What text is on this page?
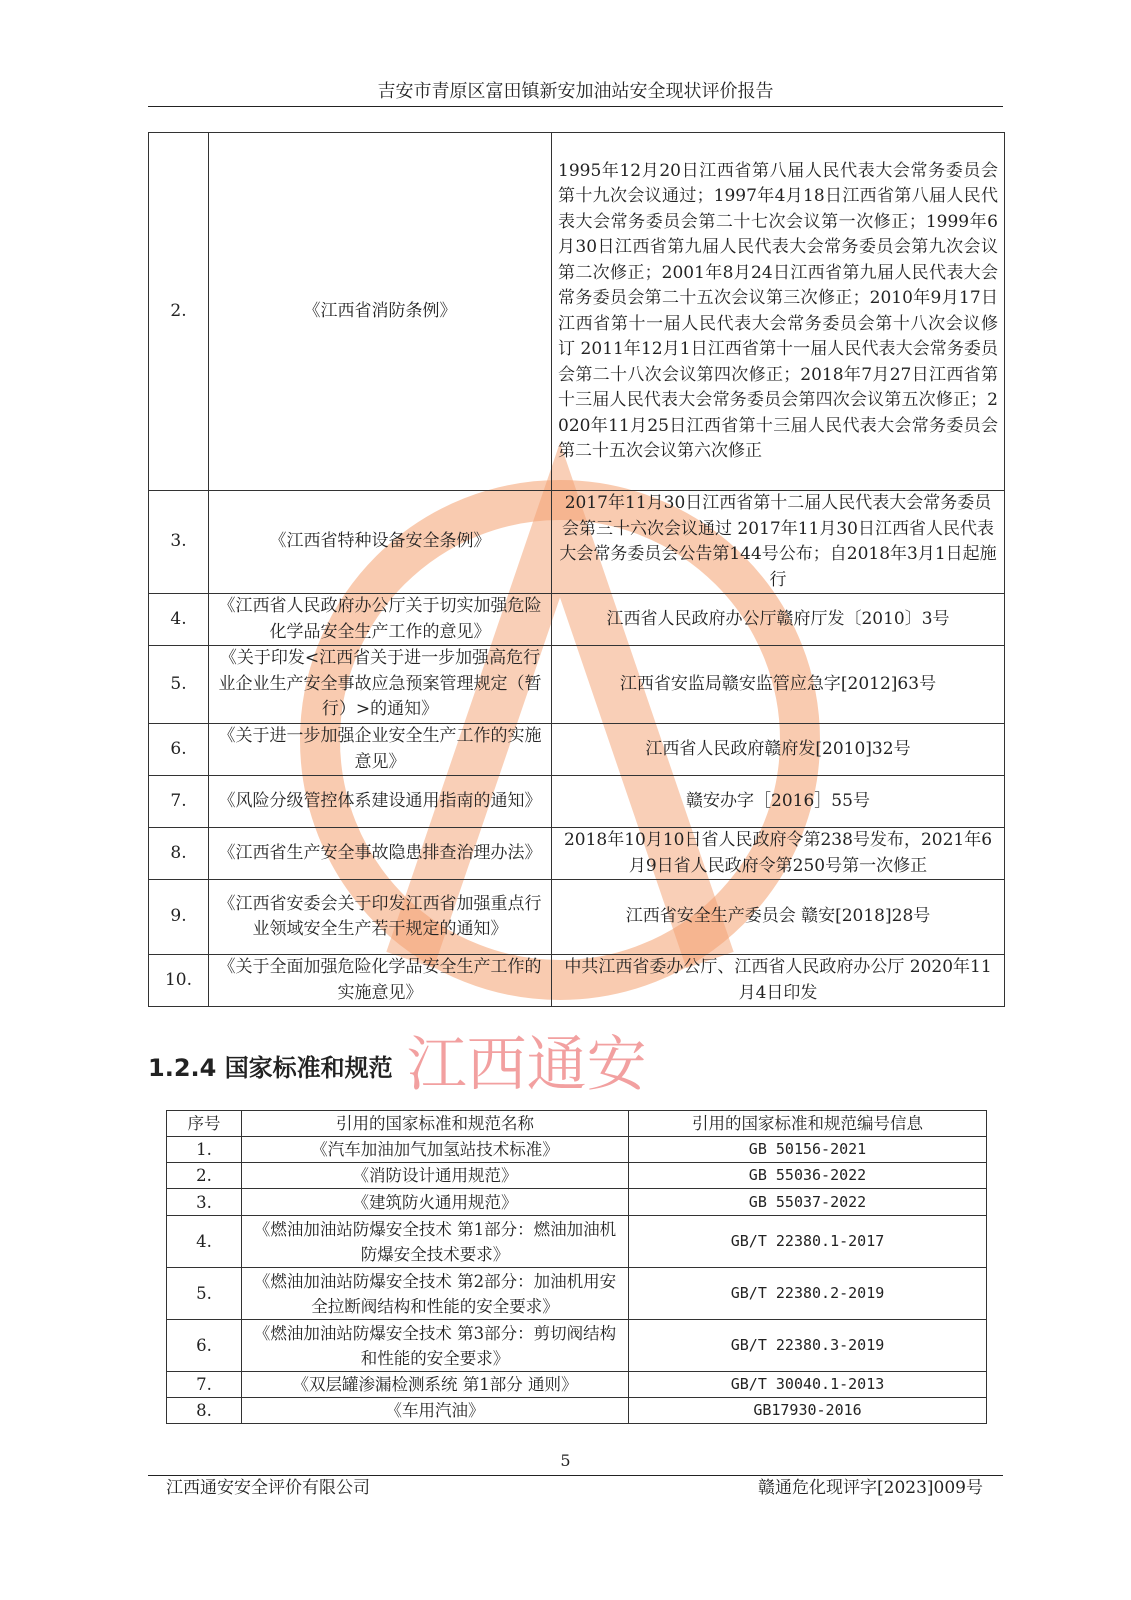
吉安市青原区富田镇新安加油站安全现状评价报告
2.	《江西省消防条例》	1995年12月20日江西省第八届人民代表大会常务委员会第十九次会议通过；1997年4月18日江西省第八届人民代表大会常务委员会第二十七次会议第一次修正；1999年6月30日江西省第九届人民代表大会常务委员会第九次会议第二次修正；2001年8月24日江西省第九届人民代表大会常务委员会第二十五次会议第三次修正；2010年9月17日江西省第十一届人民代表大会常务委员会第十八次会议修订 2011年12月1日江西省第十一届人民代表大会常务委员会第二十八次会议第四次修正；2018年7月27日江西省第十三届人民代表大会常务委员会第四次会议第五次修正；2020年11月25日江西省第十三届人民代表大会常务委员会第二十五次会议第六次修正
3.	《江西省特种设备安全条例》	2017年11月30日江西省第十二届人民代表大会常务委员会第三十六次会议通过 2017年11月30日江西省人民代表大会常务委员会公告第144号公布；自2018年3月1日起施行
4.	《江西省人民政府办公厅关于切实加强危险化学品安全生产工作的意见》	江西省人民政府办公厅赣府厅发〔2010〕3号
5.	《关于印发<江西省关于进一步加强高危行业企业生产安全事故应急预案管理规定（暂行）>的通知》	江西省安监局赣安监管应急字[2012]63号
6.	《关于进一步加强企业安全生产工作的实施意见》	江西省人民政府赣府发[2010]32号
7.	《风险分级管控体系建设通用指南的通知》	赣安办字［2016］55号
8.	《江西省生产安全事故隐患排查治理办法》	2018年10月10日省人民政府令第238号发布，2021年6月9日省人民政府令第250号第一次修正
9.	《江西省安委会关于印发江西省加强重点行业领域安全生产若干规定的通知》	江西省安全生产委员会 赣安[2018]28号
10.	《关于全面加强危险化学品安全生产工作的实施意见》	中共江西省委办公厅、江西省人民政府办公厅 2020年11月4日印发
1.2.4 国家标准和规范 江西通安
序号	引用的国家标准和规范名称	引用的国家标准和规范编号信息
1.	《汽车加油加气加氢站技术标准》	GB 50156-2021
2.	《消防设计通用规范》	GB 55036-2022
3.	《建筑防火通用规范》	GB 55037-2022
4.	《燃油加油站防爆安全技术 第1部分：燃油加油机防爆安全技术要求》	GB/T 22380.1-2017
5.	《燃油加油站防爆安全技术 第2部分：加油机用安全拉断阀结构和性能的安全要求》	GB/T 22380.2-2019
6.	《燃油加油站防爆安全技术 第3部分：剪切阀结构和性能的安全要求》	GB/T 22380.3-2019
7.	《双层罐渗漏检测系统 第1部分 通则》	GB/T 30040.1-2013
8.	《车用汽油》	GB17930-2016
5
江西通安安全评价有限公司	赣通危化现评字[2023]009号
